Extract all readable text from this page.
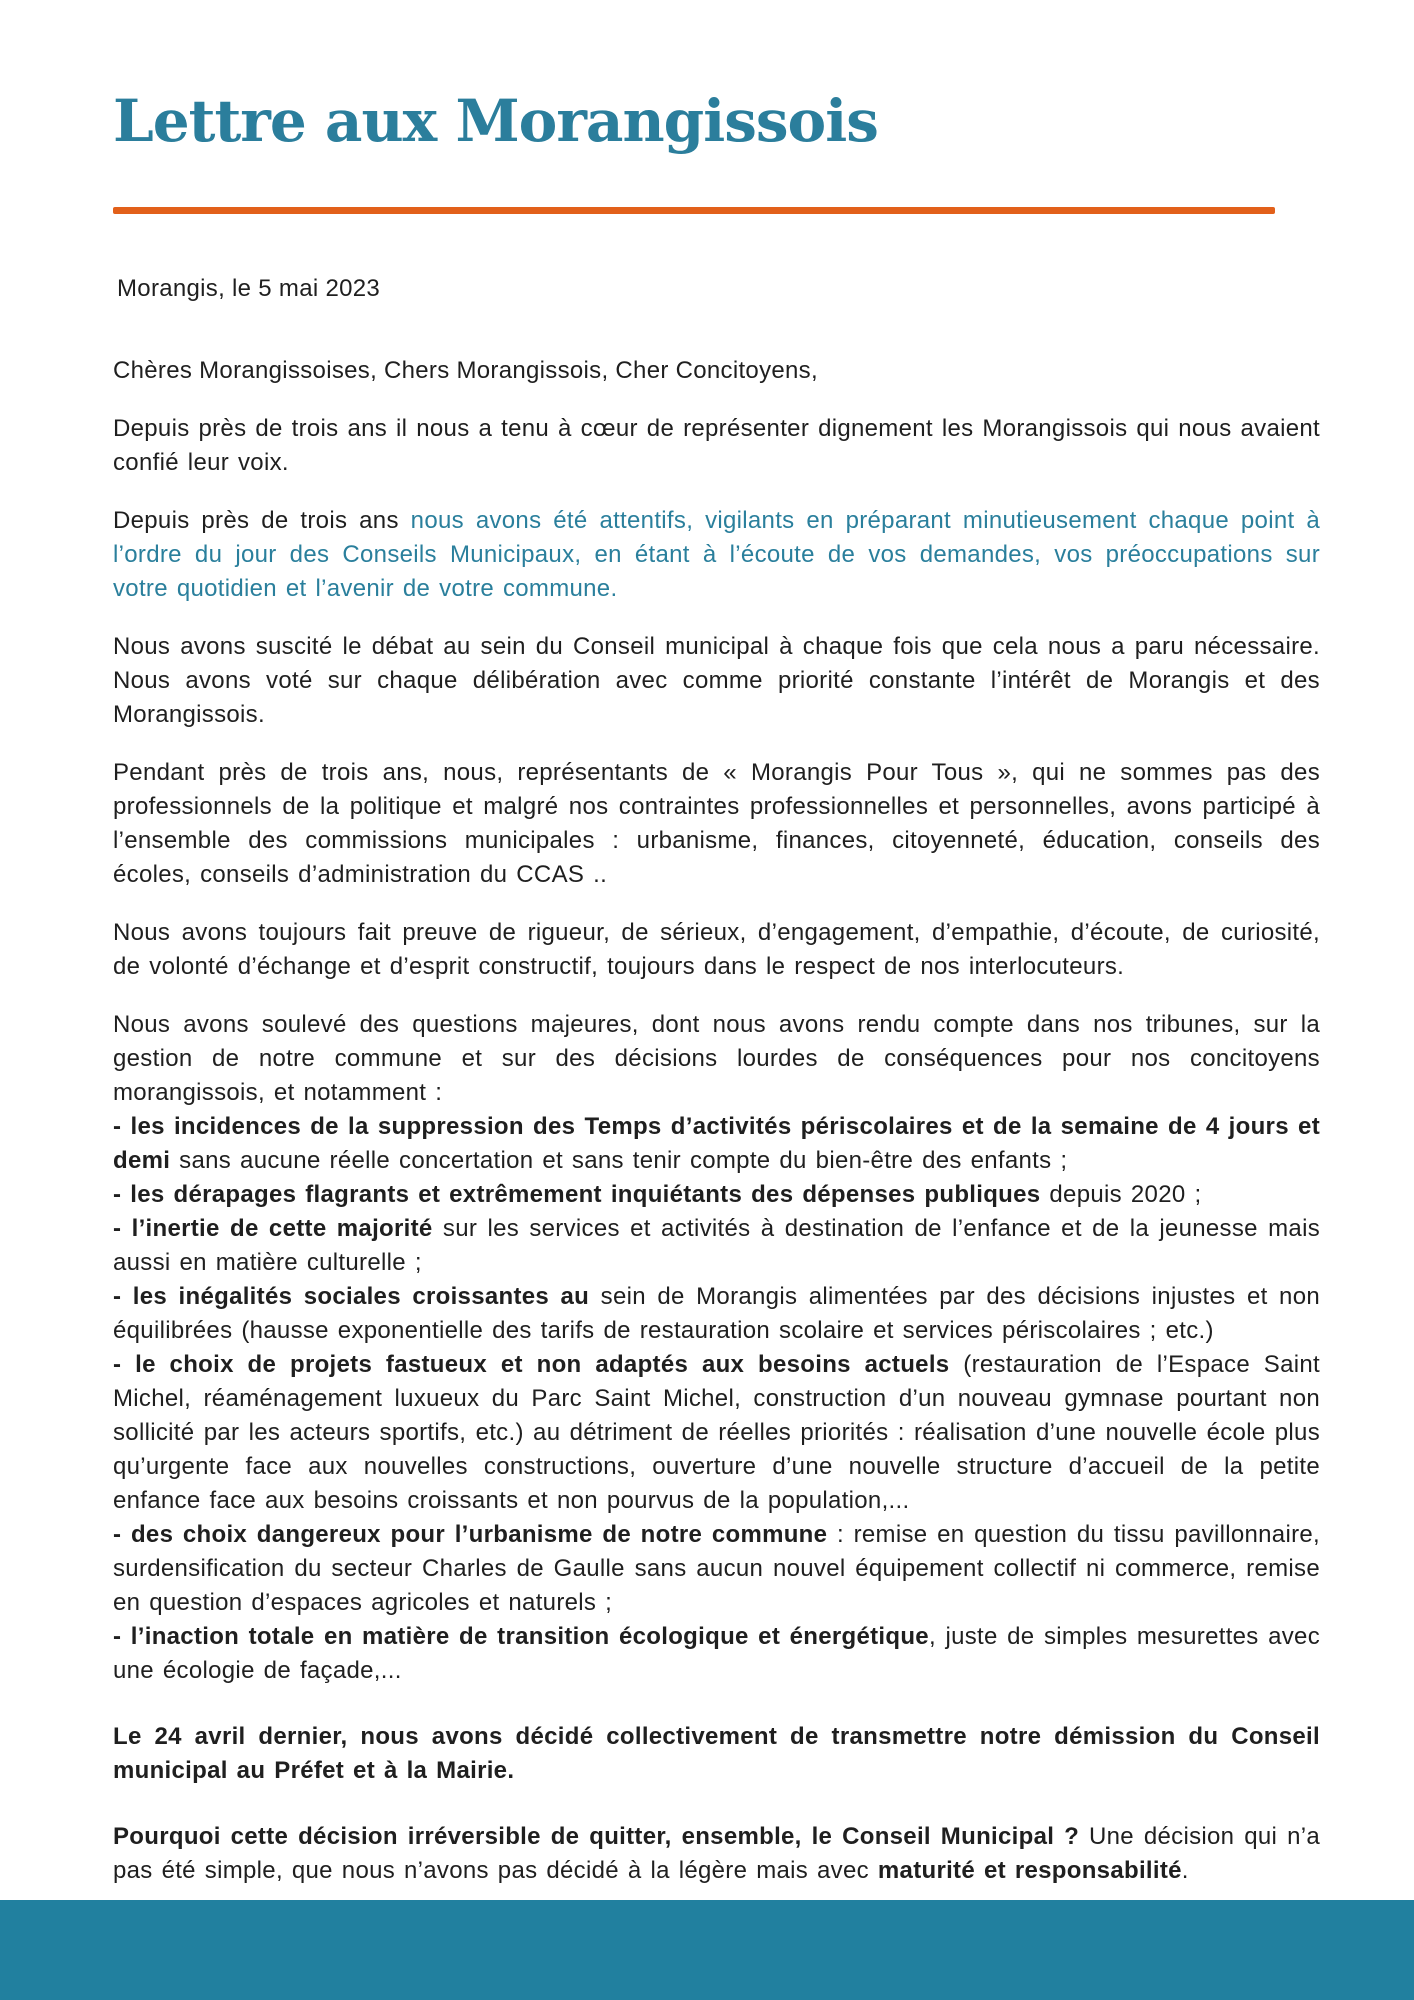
Lettre aux Morangissois

Morangis, le 5 mai 2023

Chères Morangissoises, Chers Morangissois, Cher Concitoyens,

Depuis près de trois ans il nous a tenu à cœur de représenter dignement les Morangissois qui nous avaient confié leur voix.

Depuis près de trois ans nous avons été attentifs, vigilants en préparant minutieusement chaque point à l’ordre du jour des Conseils Municipaux, en étant à l’écoute de vos demandes, vos préoccupations sur votre quotidien et l’avenir de votre commune.

Nous avons suscité le débat au sein du Conseil municipal à chaque fois que cela nous a paru nécessaire. Nous avons voté sur chaque délibération avec comme priorité constante l’intérêt de Morangis et des Morangissois.

Pendant près de trois ans, nous, représentants de « Morangis Pour Tous », qui ne sommes pas des professionnels de la politique et malgré nos contraintes professionnelles et personnelles, avons participé à l’ensemble des commissions municipales : urbanisme, finances, citoyenneté, éducation, conseils des écoles, conseils d’administration du CCAS ..

Nous avons toujours fait preuve de rigueur, de sérieux, d’engagement, d’empathie, d’écoute, de curiosité, de volonté d’échange et d’esprit constructif, toujours dans le respect de nos interlocuteurs.

Nous avons soulevé des questions majeures, dont nous avons rendu compte dans nos tribunes, sur la gestion de notre commune et sur des décisions lourdes de conséquences pour nos concitoyens morangissois, et notamment :

- les incidences de la suppression des Temps d’activités périscolaires et de la semaine de 4 jours et demi sans aucune réelle concertation et sans tenir compte du bien-être des enfants ;

- les dérapages flagrants et extrêmement inquiétants des dépenses publiques depuis 2020 ;

- l’inertie de cette majorité sur les services et activités à destination de l’enfance et de la jeunesse mais aussi en matière culturelle ;

- les inégalités sociales croissantes au sein de Morangis alimentées par des décisions injustes et non équilibrées (hausse exponentielle des tarifs de restauration scolaire et services périscolaires ; etc.)

- le choix de projets fastueux et non adaptés aux besoins actuels (restauration de l’Espace Saint Michel, réaménagement luxueux du Parc Saint Michel, construction d’un nouveau gymnase pourtant non sollicité par les acteurs sportifs, etc.) au détriment de réelles priorités : réalisation d’une nouvelle école plus qu’urgente face aux nouvelles constructions, ouverture d’une nouvelle structure d’accueil de la petite enfance face aux besoins croissants et non pourvus de la population,...

- des choix dangereux pour l’urbanisme de notre commune : remise en question du tissu pavillonnaire, surdensification du secteur Charles de Gaulle sans aucun nouvel équipement collectif ni commerce, remise en question d’espaces agricoles et naturels ;

- l’inaction totale en matière de transition écologique et énergétique, juste de simples mesurettes avec une écologie de façade,...

Le 24 avril dernier, nous avons décidé collectivement de transmettre notre démission du Conseil municipal au Préfet et à la Mairie.

Pourquoi cette décision irréversible de quitter, ensemble, le Conseil Municipal ? Une décision qui n’a pas été simple, que nous n’avons pas décidé à la légère mais avec maturité et responsabilité.
